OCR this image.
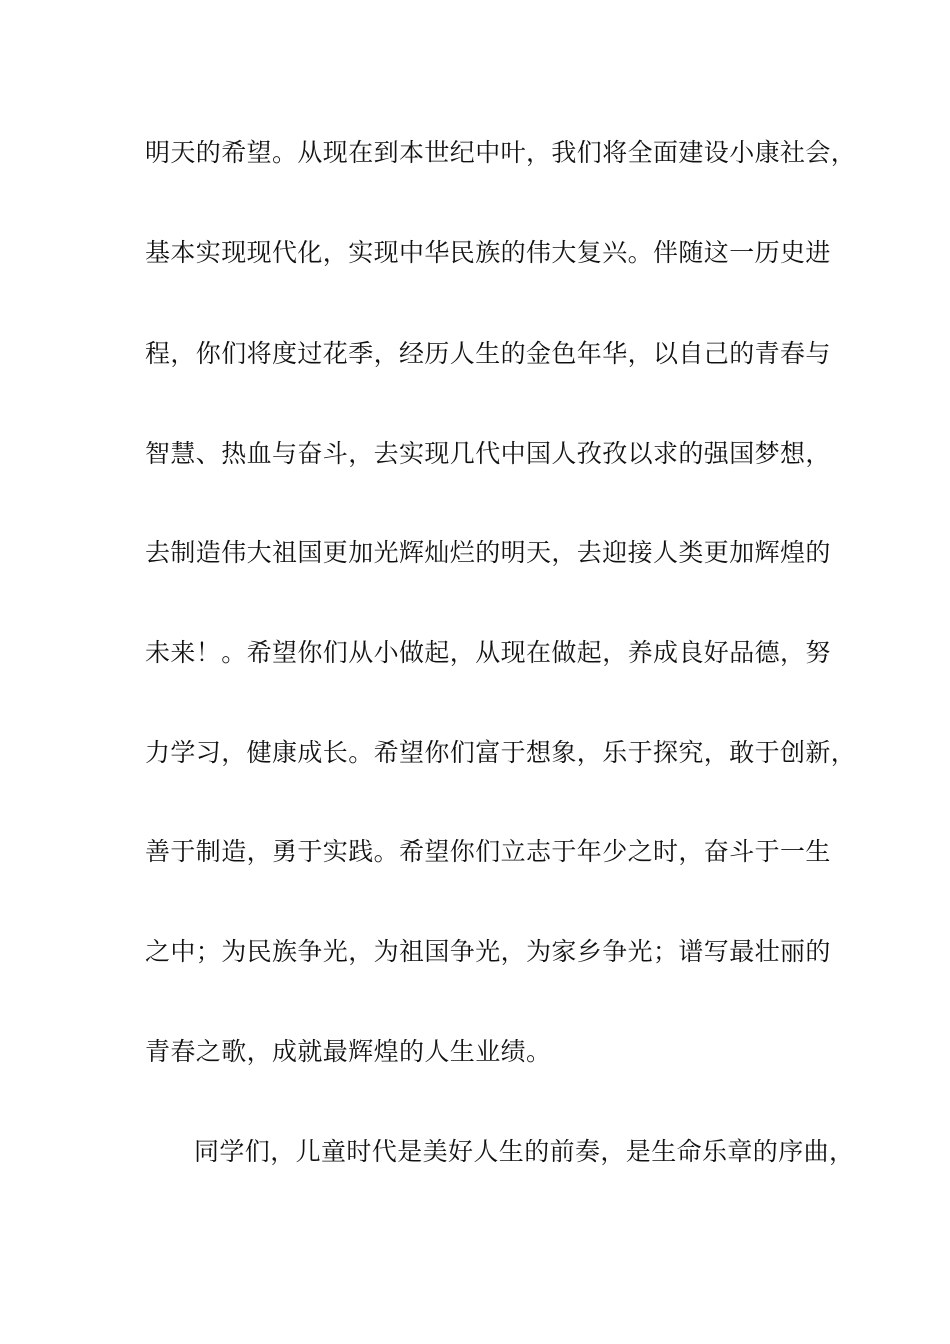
明天的希望。从现在到本世纪中叶，我们将全面建设小康社会，
基本实现现代化，实现中华民族的伟大复兴。伴随这一历史进
程，你们将度过花季，经历人生的金色年华，以自己的青春与
智慧、热血与奋斗，去实现几代中国人孜孜以求的强国梦想，
去制造伟大祖国更加光辉灿烂的明天，去迎接人类更加辉煌的
未来！。希望你们从小做起，从现在做起，养成良好品德，努
力学习，健康成长。希望你们富于想象，乐于探究，敢于创新，
善于制造，勇于实践。希望你们立志于年少之时，奋斗于一生
之中；为民族争光，为祖国争光，为家乡争光；谱写最壮丽的
青春之歌，成就最辉煌的人生业绩。
同学们，儿童时代是美好人生的前奏，是生命乐章的序曲，
